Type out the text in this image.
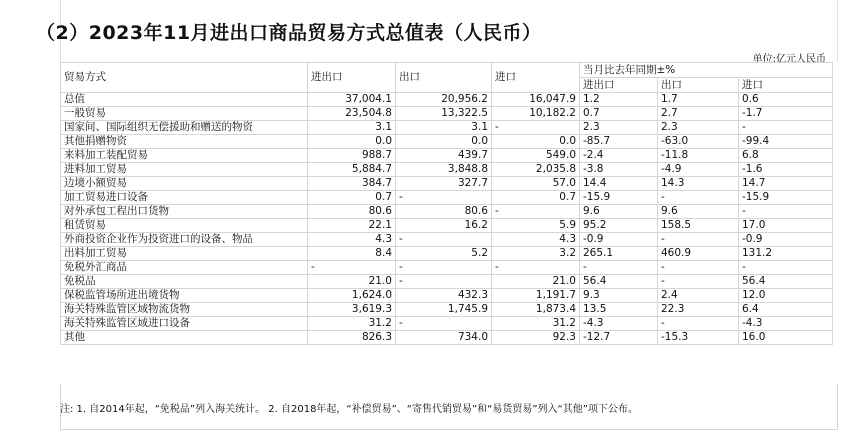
（2）2023年11月进出口商品贸易方式总值表（人民币）
单位:亿元人民币
贸易方式	进出口	出口	进口	当月比去年同期±%		
				进出口	出口	进口
总值	37,004.1	20,956.2	16,047.9	1.2	1.7	0.6
一般贸易	23,504.8	13,322.5	10,182.2	0.7	2.7	-1.7
国家间、国际组织无偿援助和赠送的物资	3.1	3.1	-	2.3	2.3	-
其他捐赠物资	0.0	0.0	0.0	-85.7	-63.0	-99.4
来料加工装配贸易	988.7	439.7	549.0	-2.4	-11.8	6.8
进料加工贸易	5,884.7	3,848.8	2,035.8	-3.8	-4.9	-1.6
边境小额贸易	384.7	327.7	57.0	14.4	14.3	14.7
加工贸易进口设备	0.7	-	0.7	-15.9	-	-15.9
对外承包工程出口货物	80.6	80.6	-	9.6	9.6	-
租赁贸易	22.1	16.2	5.9	95.2	158.5	17.0
外商投资企业作为投资进口的设备、物品	4.3	-	4.3	-0.9	-	-0.9
出料加工贸易	8.4	5.2	3.2	265.1	460.9	131.2
免税外汇商品	-	-	-	-	-	-
免税品	21.0	-	21.0	56.4	-	56.4
保税监管场所进出境货物	1,624.0	432.3	1,191.7	9.3	2.4	12.0
海关特殊监管区域物流货物	3,619.3	1,745.9	1,873.4	13.5	22.3	6.4
海关特殊监管区域进口设备	31.2	-	31.2	-4.3	-	-4.3
其他	826.3	734.0	92.3	-12.7	-15.3	16.0
注: 1. 自2014年起，“免税品”列入海关统计。 2. 自2018年起，“补偿贸易”、“寄售代销贸易”和“易货贸易”列入“其他”项下公布。
